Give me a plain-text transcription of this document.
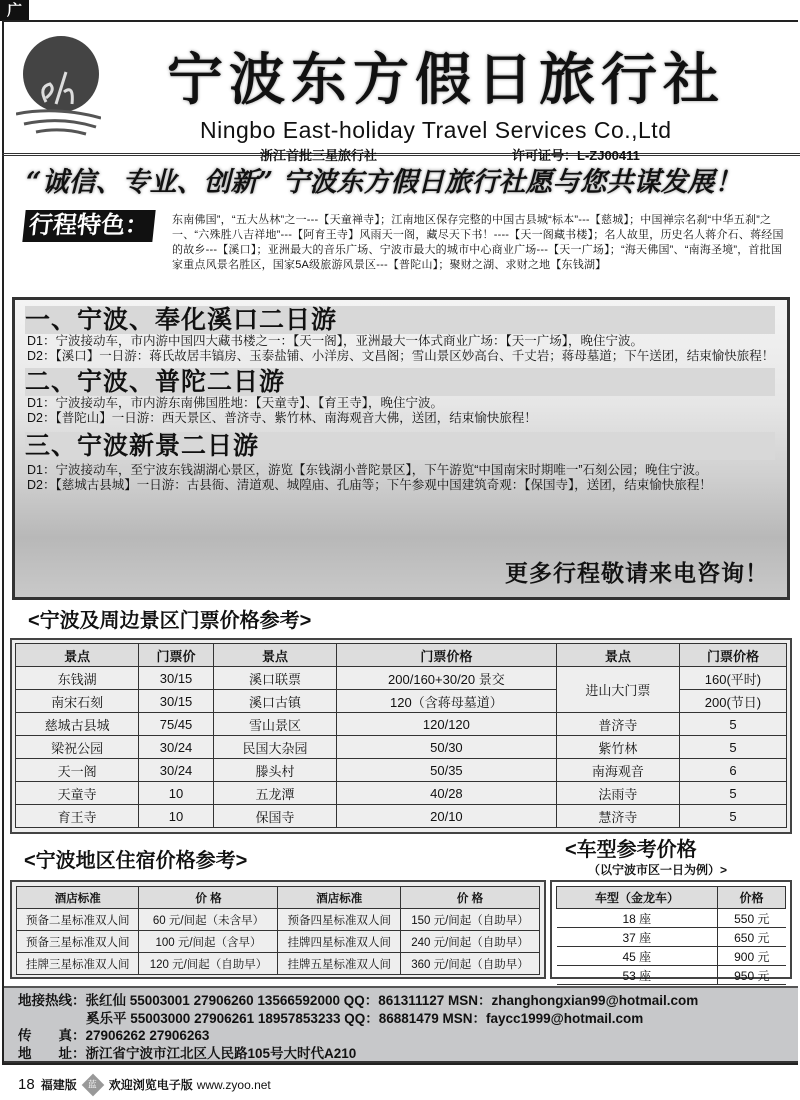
广告
宁波东方假日旅行社
Ningbo East-holiday Travel Services Co.,Ltd
浙江首批三星旅行社	许可证号：L-ZJ00411
“诚信、专业、创新” 宁波东方假日旅行社愿与您共谋发展！
行程特色：	东南佛国”，“五大丛林”之一---【天童禅寺】；江南地区保存完整的中国古县城“标本”---【慈城】；中国禅宗名刹“中华五刹”之一、“六殊胜八吉祥地”---【阿育王寺】风雨天一阁，藏尽天下书！----【天一阁藏书楼】；名人故里，历史名人蒋介石、蒋经国的故乡---【溪口】；亚洲最大的音乐广场、宁波市最大的城市中心商业广场---【天一广场】；“海天佛国”、“南海圣境”，首批国家重点风景名胜区，国家5A级旅游风景区---【普陀山】；聚财之湖、求财之地【东钱湖】
一、宁波、奉化溪口二日游

D1：宁波接动车，市内游中国四大藏书楼之一：【天一阁】，亚洲最大一体式商业广场：【天一广场】，晚住宁波。

D2：【溪口】一日游：蒋氏故居丰镐房、玉泰盐铺、小洋房、文昌阁；雪山景区妙高台、千丈岩；蒋母墓道；下午送团，结束愉快旅程！

二、宁波、普陀二日游

D1：宁波接动车，市内游东南佛国胜地：【天童寺】、【育王寺】，晚住宁波。

D2：【普陀山】一日游：西天景区、普济寺、紫竹林、南海观音大佛，送团，结束愉快旅程！

三、宁波新景二日游

D1：宁波接动车，至宁波东钱湖湖心景区，游览【东钱湖小普陀景区】，下午游览“中国南宋时期唯一”石刻公园；晚住宁波。

D2：【慈城古县城】一日游：古县衙、清道观、城隍庙、孔庙等；下午参观中国建筑奇观：【保国寺】，送团，结束愉快旅程！

更多行程敬请来电咨询！
<宁波及周边景区门票价格参考>
景点	门票价	景点	门票价格	景点	门票价格
东钱湖	30/15	溪口联票	200/160+30/20 景交	进山大门票	160(平时)
南宋石刻	30/15	溪口古镇	120（含蒋母墓道）		200(节日)
慈城古县城	75/45	雪山景区	120/120	普济寺	5
梁祝公园	30/24	民国大杂园	50/30	紫竹林	5
天一阁	30/24	滕头村	50/35	南海观音	6
天童寺	10	五龙潭	40/28	法雨寺	5
育王寺	10	保国寺	20/10	慧济寺	5
<宁波地区住宿价格参考>
酒店标准	价 格	酒店标准	价 格
预备二星标准双人间	60 元/间起（未含早）	预备四星标准双人间	150 元/间起（自助早）
预备三星标准双人间	100 元/间起（含早）	挂牌四星标准双人间	240 元/间起（自助早）
挂牌三星标准双人间	120 元/间起（自助早）	挂牌五星标准双人间	360 元/间起（自助早）
<车型参考价格
（以宁波市区一日为例）>
车型（金龙车）	价格
18 座	550 元
37 座	650 元
45 座	900 元
53 座	950 元
地接热线：张红仙 55003001 27906260 13566592000 QQ：861311127 MSN：zhanghongxian99@hotmail.com
奚乐平 55003000 27906261 18957853233 QQ：86881479 MSN：faycc1999@hotmail.com
传　　真：27906262 27906263
地　　址：浙江省宁波市江北区人民路105号大时代A210
18 福建版 蓝 欢迎浏览电子版 www.zyoo.net
